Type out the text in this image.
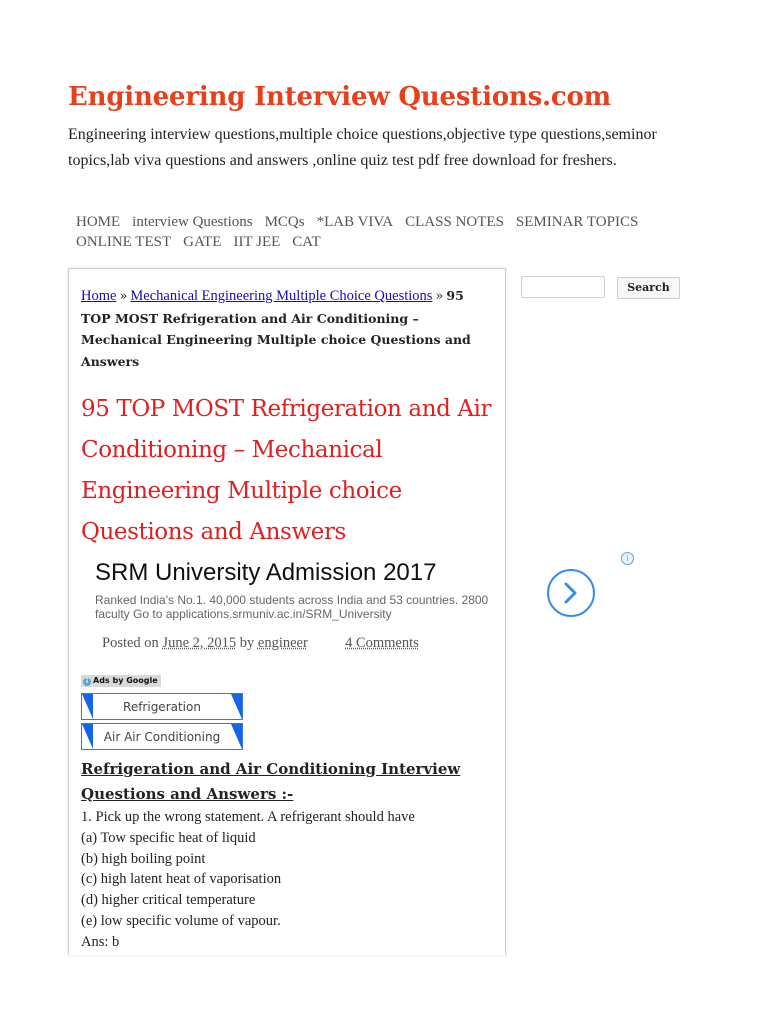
Engineering Interview Questions.com
Engineering interview questions,multiple choice questions,objective type questions,seminor topics,lab viva questions and answers ,online quiz test pdf free download for freshers.
HOME interview Questions MCQs *LAB VIVA CLASS NOTES SEMINAR TOPICS
ONLINE TEST GATE IIT JEE CAT
Search
Home » Mechanical Engineering Multiple Choice Questions » 95 TOP MOST Refrigeration and Air Conditioning – Mechanical Engineering Multiple choice Questions and Answers
95 TOP MOST Refrigeration and Air Conditioning – Mechanical Engineering Multiple choice Questions and Answers
SRM University Admission 2017
Ranked India's No.1. 40,000 students across India and 53 countries. 2800 faculty Go to applications.srmuniv.ac.in/SRM_University
Posted on June 2, 2015 by engineer	4 Comments
i Ads by Google
Refrigeration
Air Air Conditioning
Refrigeration and Air Conditioning Interview Questions and Answers :-
1. Pick up the wrong statement. A refrigerant should have
(a) Tow specific heat of liquid
(b) high boiling point
(c) high latent heat of vaporisation
(d) higher critical temperature
(e) low specific volume of vapour.
Ans: b
i
